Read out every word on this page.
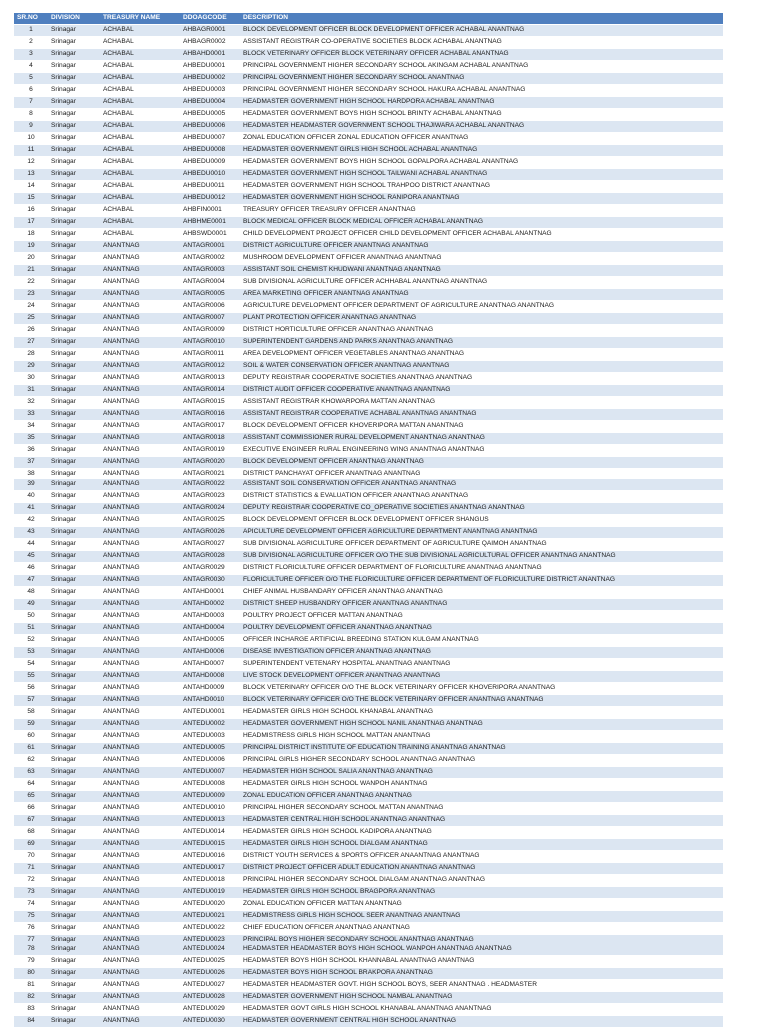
SR.NO	DIVISION	TREASURY NAME	DDOAGCODE	DESCRIPTION
1	Srinagar	ACHABAL	AHBAGR0001	BLOCK DEVELOPMENT OFFICER BLOCK DEVELOPMENT OFFICER ACHABAL ANANTNAG
2	Srinagar	ACHABAL	AHBAGR0002	ASSISTANT REGISTRAR CO-OPERATIVE SOCIETIES BLOCK ACHABAL ANANTNAG
3	Srinagar	ACHABAL	AHBAHD0001	BLOCK VETERINARY OFFICER BLOCK VETERINARY OFFICER ACHABAL ANANTNAG
4	Srinagar	ACHABAL	AHBEDU0001	PRINCIPAL GOVERNMENT HIGHER SECONDARY SCHOOL AKINGAM ACHABAL ANANTNAG
5	Srinagar	ACHABAL	AHBEDU0002	PRINCIPAL GOVERNMENT HIGHER SECONDARY SCHOOL ANANTNAG
6	Srinagar	ACHABAL	AHBEDU0003	PRINCIPAL GOVERNMENT HIGHER SECONDARY SCHOOL HAKURA ACHABAL ANANTNAG
7	Srinagar	ACHABAL	AHBEDU0004	HEADMASTER GOVERNMENT HIGH SCHOOL HARDPORA ACHABAL ANANTNAG
8	Srinagar	ACHABAL	AHBEDU0005	HEADMASTER GOVERNMENT BOYS HIGH SCHOOL BRINTY ACHABAL ANANTNAG
9	Srinagar	ACHABAL	AHBEDU0006	HEADMASTER HEADMASTER GOVERNMENT SCHOOL THAJIWARA ACHABAL ANANTNAG
10	Srinagar	ACHABAL	AHBEDU0007	ZONAL EDUCATION OFFICER ZONAL EDUCATION OFFICER ANANTNAG
11	Srinagar	ACHABAL	AHBEDU0008	HEADMASTER GOVERNMENT GIRLS HIGH SCHOOL ACHABAL ANANTNAG
12	Srinagar	ACHABAL	AHBEDU0009	HEADMASTER GOVERNMENT BOYS HIGH SCHOOL GOPALPORA ACHABAL ANANTNAG
13	Srinagar	ACHABAL	AHBEDU0010	HEADMASTER GOVERNMENT HIGH SCHOOL TAILWANI ACHABAL ANANTNAG
14	Srinagar	ACHABAL	AHBEDU0011	HEADMASTER GOVERNMENT HIGH SCHOOL TRAHPOO DISTRICT ANANTNAG
15	Srinagar	ACHABAL	AHBEDU0012	HEADMASTER GOVERNMENT HIGH SCHOOL RANIPORA ANANTNAG
16	Srinagar	ACHABAL	AHBFIN0001	TREASURY OFFICER TREASURY OFFICER ANANTNAG
17	Srinagar	ACHABAL	AHBHME0001	BLOCK MEDICAL OFFICER BLOCK MEDICAL OFFICER ACHABAL ANANTNAG
18	Srinagar	ACHABAL	AHBSWD0001	CHILD DEVELOPMENT PROJECT OFFICER CHILD DEVELOPMENT OFFICER ACHABAL ANANTNAG
19	Srinagar	ANANTNAG	ANTAGR0001	DISTRICT AGRICULTURE OFFICER ANANTNAG ANANTNAG
20	Srinagar	ANANTNAG	ANTAGR0002	MUSHROOM DEVELOPMENT OFFICER ANANTNAG ANANTNAG
21	Srinagar	ANANTNAG	ANTAGR0003	ASSISTANT SOIL CHEMIST KHUDWANI ANANTNAG ANANTNAG
22	Srinagar	ANANTNAG	ANTAGR0004	SUB DIVISIONAL AGRICULTURE OFFICER ACHHABAL ANANTNAG ANANTNAG
23	Srinagar	ANANTNAG	ANTAGR0005	AREA MARKETING OFFICER ANANTNAG ANANTNAG
24	Srinagar	ANANTNAG	ANTAGR0006	AGRICULTURE DEVELOPMENT OFFICER DEPARTMENT OF AGRICULTURE ANANTNAG ANANTNAG
25	Srinagar	ANANTNAG	ANTAGR0007	PLANT PROTECTION OFFICER ANANTNAG ANANTNAG
26	Srinagar	ANANTNAG	ANTAGR0009	DISTRICT HORTICULTURE OFFICER ANANTNAG ANANTNAG
27	Srinagar	ANANTNAG	ANTAGR0010	SUPERINTENDENT GARDENS AND PARKS ANANTNAG ANANTNAG
28	Srinagar	ANANTNAG	ANTAGR0011	AREA DEVELOPMENT OFFICER VEGETABLES ANANTNAG ANANTNAG
29	Srinagar	ANANTNAG	ANTAGR0012	SOIL & WATER CONSERVATION OFFICER ANANTNAG ANANTNAG
30	Srinagar	ANANTNAG	ANTAGR0013	DEPUTY REGISTRAR COOPERATIVE SOCIETIES ANANTNAG ANANTNAG
31	Srinagar	ANANTNAG	ANTAGR0014	DISTRICT AUDIT OFFICER COOPERATIVE ANANTNAG ANANTNAG
32	Srinagar	ANANTNAG	ANTAGR0015	ASSISTANT REGISTRAR KHOWARPORA MATTAN ANANTNAG
33	Srinagar	ANANTNAG	ANTAGR0016	ASSISTANT REGISTRAR COOPERATIVE ACHABAL ANANTNAG ANANTNAG
34	Srinagar	ANANTNAG	ANTAGR0017	BLOCK DEVELOPMENT OFFICER KHOVERIPORA MATTAN ANANTNAG
35	Srinagar	ANANTNAG	ANTAGR0018	ASSISTANT COMMISSIONER RURAL DEVELOPMENT ANANTNAG ANANTNAG
36	Srinagar	ANANTNAG	ANTAGR0019	EXECUTIVE ENGINEER RURAL ENGINEERING WING ANANTNAG ANANTNAG
37	Srinagar	ANANTNAG	ANTAGR0020	BLOCK DEVELOPMENT OFFICER ANANTNAG ANANTNAG
38	Srinagar	ANANTNAG	ANTAGR0021	DISTRICT PANCHAYAT OFFICER ANANTNAG ANANTNAG
39	Srinagar	ANANTNAG	ANTAGR0022	ASSISTANT SOIL CONSERVATION OFFICER ANANTNAG ANANTNAG
40	Srinagar	ANANTNAG	ANTAGR0023	DISTRICT STATISTICS & EVALUATION OFFICER ANANTNAG ANANTNAG
41	Srinagar	ANANTNAG	ANTAGR0024	DEPUTY REGISTRAR COOPERATIVE CO_OPERATIVE SOCIETIES ANANTNAG ANANTNAG
42	Srinagar	ANANTNAG	ANTAGR0025	BLOCK DEVELOPMENT OFFICER BLOCK DEVELOPMENT OFFICER SHANGUS
43	Srinagar	ANANTNAG	ANTAGR0026	APICULTURE DEVELOPMENT OFFICER AGRICULTURE DEPARTMENT ANANTNAG ANANTNAG
44	Srinagar	ANANTNAG	ANTAGR0027	SUB DIVISIONAL AGRICULTURE OFFICER DEPARTMENT OF AGRICULTURE QAIMOH ANANTNAG
45	Srinagar	ANANTNAG	ANTAGR0028	SUB DIVISIONAL AGRICULTURE OFFICER O/O THE SUB DIVISIONAL AGRICULTURAL OFFICER ANANTNAG ANANTNAG
46	Srinagar	ANANTNAG	ANTAGR0029	DISTRICT FLORICULTURE OFFICER DEPARTMENT OF FLORICULTURE ANANTNAG ANANTNAG
47	Srinagar	ANANTNAG	ANTAGR0030	FLORICULTURE OFFICER O/O THE FLORICULTURE OFFICER DEPARTMENT OF FLORICULTURE DISTRICT ANANTNAG
48	Srinagar	ANANTNAG	ANTAHD0001	CHIEF ANIMAL HUSBANDARY OFFICER ANANTNAG ANANTNAG
49	Srinagar	ANANTNAG	ANTAHD0002	DISTRICT SHEEP HUSBANDRY OFFICER ANANTNAG ANANTNAG
50	Srinagar	ANANTNAG	ANTAHD0003	POULTRY PROJECT OFFICER MATTAN ANANTNAG
51	Srinagar	ANANTNAG	ANTAHD0004	POULTRY DEVELOPMENT OFFICER ANANTNAG ANANTNAG
52	Srinagar	ANANTNAG	ANTAHD0005	OFFICER INCHARGE ARTIFICIAL BREEDING STATION KULGAM ANANTNAG
53	Srinagar	ANANTNAG	ANTAHD0006	DISEASE INVESTIGATION OFFICER ANANTNAG ANANTNAG
54	Srinagar	ANANTNAG	ANTAHD0007	SUPERINTENDENT VETENARY HOSPITAL ANANTNAG ANANTNAG
55	Srinagar	ANANTNAG	ANTAHD0008	LIVE STOCK DEVELOPMENT OFFICER ANANTNAG ANANTNAG
56	Srinagar	ANANTNAG	ANTAHD0009	BLOCK VETERINARY OFFICER O/O THE BLOCK VETERINARY OFFICER KHOVERIPORA ANANTNAG
57	Srinagar	ANANTNAG	ANTAHD0010	BLOCK VETERINARY OFFICER O/O THE BLOCK VETERINARY OFFICER ANANTNAG ANANTNAG
58	Srinagar	ANANTNAG	ANTEDU0001	HEADMASTER GIRLS HIGH SCHOOL KHANABAL ANANTNAG
59	Srinagar	ANANTNAG	ANTEDU0002	HEADMASTER GOVERNMENT HIGH SCHOOL NANIL ANANTNAG ANANTNAG
60	Srinagar	ANANTNAG	ANTEDU0003	HEADMISTRESS GIRLS HIGH SCHOOL MATTAN ANANTNAG
61	Srinagar	ANANTNAG	ANTEDU0005	PRINCIPAL DISTRICT INSTITUTE OF EDUCATION TRAINING ANANTNAG ANANTNAG
62	Srinagar	ANANTNAG	ANTEDU0006	PRINCIPAL GIRLS HIGHER SECONDARY SCHOOL ANANTNAG ANANTNAG
63	Srinagar	ANANTNAG	ANTEDU0007	HEADMASTER HIGH SCHOOL SALIA ANANTNAG ANANTNAG
64	Srinagar	ANANTNAG	ANTEDU0008	HEADMASTER GIRLS HIGH SCHOOL WANPOH ANANTNAG
65	Srinagar	ANANTNAG	ANTEDU0009	ZONAL EDUCATION OFFICER ANANTNAG ANANTNAG
66	Srinagar	ANANTNAG	ANTEDU0010	PRINCIPAL HIGHER SECONDARY SCHOOL MATTAN ANANTNAG
67	Srinagar	ANANTNAG	ANTEDU0013	HEADMASTER CENTRAL HIGH SCHOOL ANANTNAG ANANTNAG
68	Srinagar	ANANTNAG	ANTEDU0014	HEADMASTER GIRLS HIGH SCHOOL KADIPORA ANANTNAG
69	Srinagar	ANANTNAG	ANTEDU0015	HEADMASTER GIRLS HIGH SCHOOL DIALGAM ANANTNAG
70	Srinagar	ANANTNAG	ANTEDU0016	DISTRICT YOUTH SERVICES & SPORTS OFFICER ANAANTNAG ANANTNAG
71	Srinagar	ANANTNAG	ANTEDU0017	DISTRICT PROJECT OFFICER ADULT EDUCATION ANANTNAG ANANTNAG
72	Srinagar	ANANTNAG	ANTEDU0018	PRINCIPAL HIGHER SECONDARY SCHOOL DIALGAM ANANTNAG ANANTNAG
73	Srinagar	ANANTNAG	ANTEDU0019	HEADMASTER GIRLS HIGH SCHOOL BRAGPORA ANANTNAG
74	Srinagar	ANANTNAG	ANTEDU0020	ZONAL EDUCATION OFFICER MATTAN ANANTNAG
75	Srinagar	ANANTNAG	ANTEDU0021	HEADMISTRESS GIRLS HIGH SCHOOL SEER ANANTNAG ANANTNAG
76	Srinagar	ANANTNAG	ANTEDU0022	CHIEF EDUCATION OFFICER ANANTNAG ANANTNAG
77	Srinagar	ANANTNAG	ANTEDU0023	PRINCIPAL BOYS HIGHER SECONDARY SCHOOL ANANTNAG ANANTNAG
78	Srinagar	ANANTNAG	ANTEDU0024	HEADMASTER HEADMASTER BOYS HIGH SCHOOL WANPOH ANANTNAG ANANTNAG
79	Srinagar	ANANTNAG	ANTEDU0025	HEADMASTER BOYS HIGH SCHOOL KHANNABAL ANANTNAG ANANTNAG
80	Srinagar	ANANTNAG	ANTEDU0026	HEADMASTER BOYS HIGH SCHOOL BRAKPORA ANANTNAG
81	Srinagar	ANANTNAG	ANTEDU0027	HEADMASTER HEADMASTER GOVT. HIGH SCHOOL BOYS, SEER ANANTNAG . HEADMASTER
82	Srinagar	ANANTNAG	ANTEDU0028	HEADMASTER GOVERNMENT HIGH SCHOOL NAMBAL ANANTNAG
83	Srinagar	ANANTNAG	ANTEDU0029	HEADMASTER GOVT GIRLS HIGH SCHOOL KHANABAL ANANTNAG ANANTNAG
84	Srinagar	ANANTNAG	ANTEDU0030	HEADMASTER GOVERNMENT CENTRAL HIGH SCHOOL ANANTNAG
